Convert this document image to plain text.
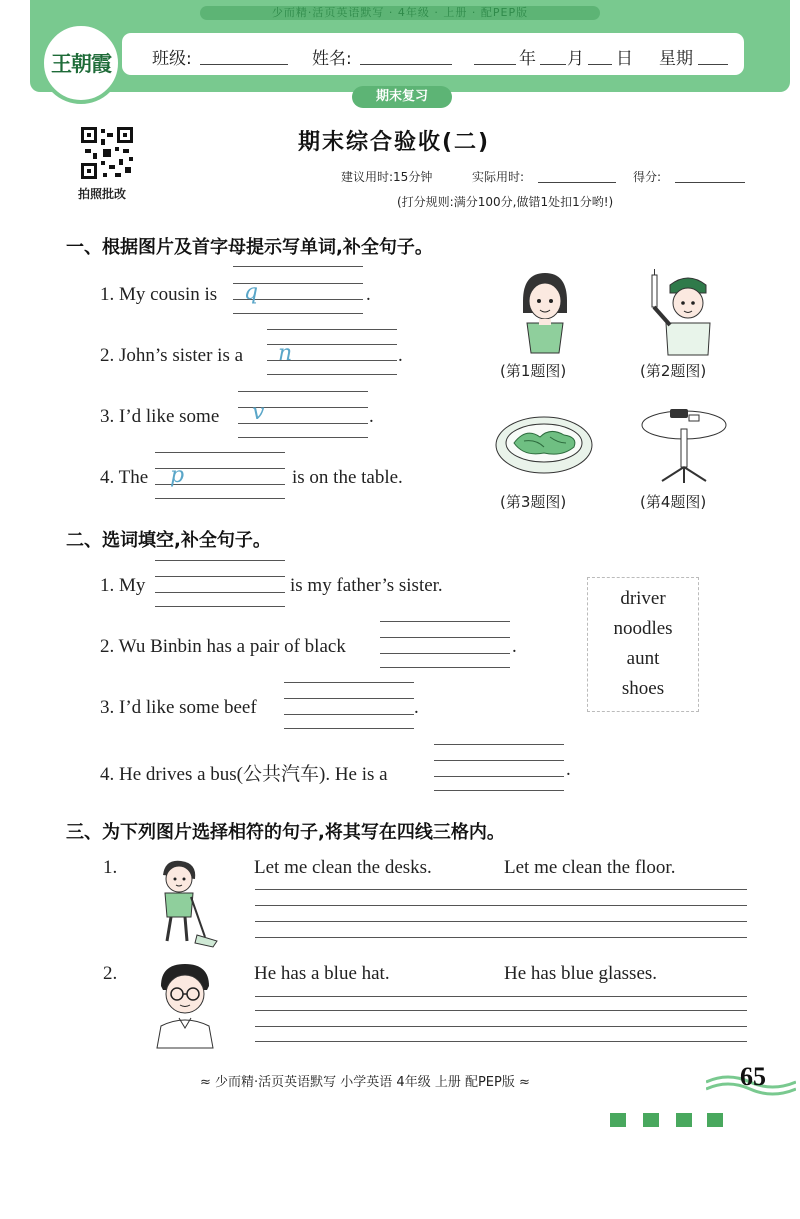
少而精·活页英语默写 · 4年级 · 上册 · 配PEP版
班级:	姓名:	年 月 日 星期
王朝霞
期末复习
拍照批改
期末综合验收(二)
建议用时:15分钟	实际用时:	得分:
(打分规则:满分100分,做错1处扣1分哟!)
一、根据图片及首字母提示写单词,补全句子。
1. My cousin is q	.
2. John’s sister is a n	.
3. I’d like some v	.
4. The p	is on the table.
(第1题图)	(第2题图)
(第3题图)	(第4题图)
二、选词填空,补全句子。
1. My	is my father’s sister.
2. Wu Binbin has a pair of black	.
3. I’d like some beef	.
4. He drives a bus(公共汽车). He is a	.
driver
noodles
aunt
shoes
三、为下列图片选择相符的句子,将其写在四线三格内。
1.	Let me clean the desks.	Let me clean the floor.
2.	He has a blue hat.	He has blue glasses.
≈ 少而精·活页英语默写 小学英语 4年级 上册 配PEP版 ≈	65
